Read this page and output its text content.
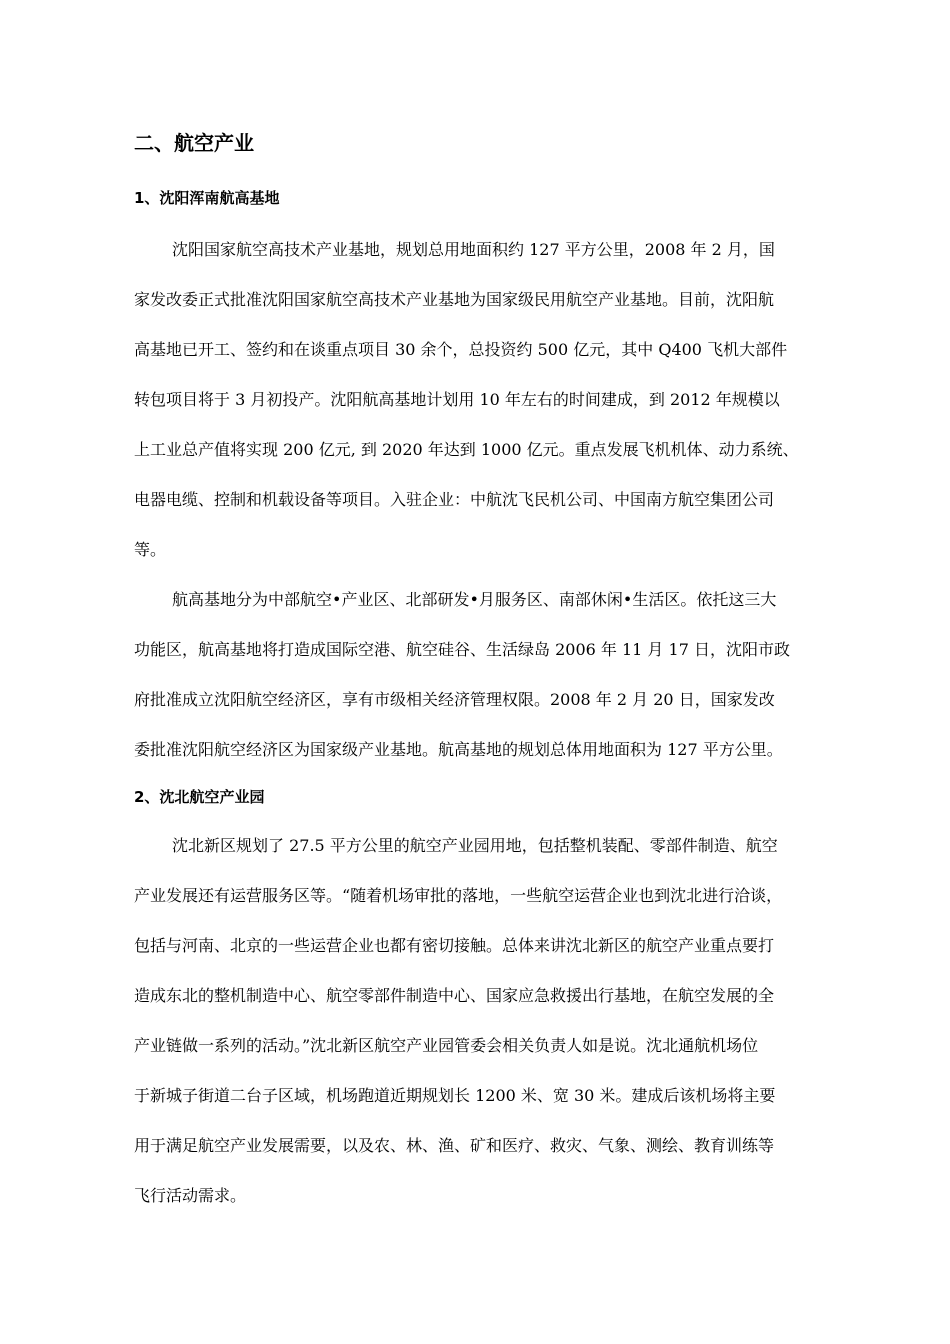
二、航空产业
1、沈阳浑南航高基地
沈阳国家航空高技术产业基地，规划总用地面积约 127 平方公里，2008 年 2 月，国
家发改委正式批准沈阳国家航空高技术产业基地为国家级民用航空产业基地。目前，沈阳航
高基地已开工、签约和在谈重点项目 30 余个，总投资约 500 亿元，其中 Q400 飞机大部件
转包项目将于 3 月初投产。沈阳航高基地计划用 10 年左右的时间建成，到 2012 年规模以
上工业总产值将实现 200 亿元, 到 2020 年达到 1000 亿元。重点发展飞机机体、动力系统、
电器电缆、控制和机载设备等项目。入驻企业：中航沈飞民机公司、中国南方航空集团公司
等。
航高基地分为中部航空•产业区、北部研发•月服务区、南部休闲•生活区。依托这三大
功能区，航高基地将打造成国际空港、航空硅谷、生活绿岛 2006 年 11 月 17 日，沈阳市政
府批准成立沈阳航空经济区，享有市级相关经济管理权限。2008 年 2 月 20 日，国家发改
委批准沈阳航空经济区为国家级产业基地。航高基地的规划总体用地面积为 127 平方公里。
2、沈北航空产业园
沈北新区规划了 27.5 平方公里的航空产业园用地，包括整机装配、零部件制造、航空
产业发展还有运营服务区等。“随着机场审批的落地，一些航空运营企业也到沈北进行洽谈，
包括与河南、北京的一些运营企业也都有密切接触。总体来讲沈北新区的航空产业重点要打
造成东北的整机制造中心、航空零部件制造中心、国家应急救援出行基地，在航空发展的全
产业链做一系列的活动。”沈北新区航空产业园管委会相关负责人如是说。沈北通航机场位
于新城子街道二台子区域，机场跑道近期规划长 1200 米、宽 30 米。建成后该机场将主要
用于满足航空产业发展需要，以及农、林、渔、矿和医疗、救灾、气象、测绘、教育训练等
飞行活动需求。
